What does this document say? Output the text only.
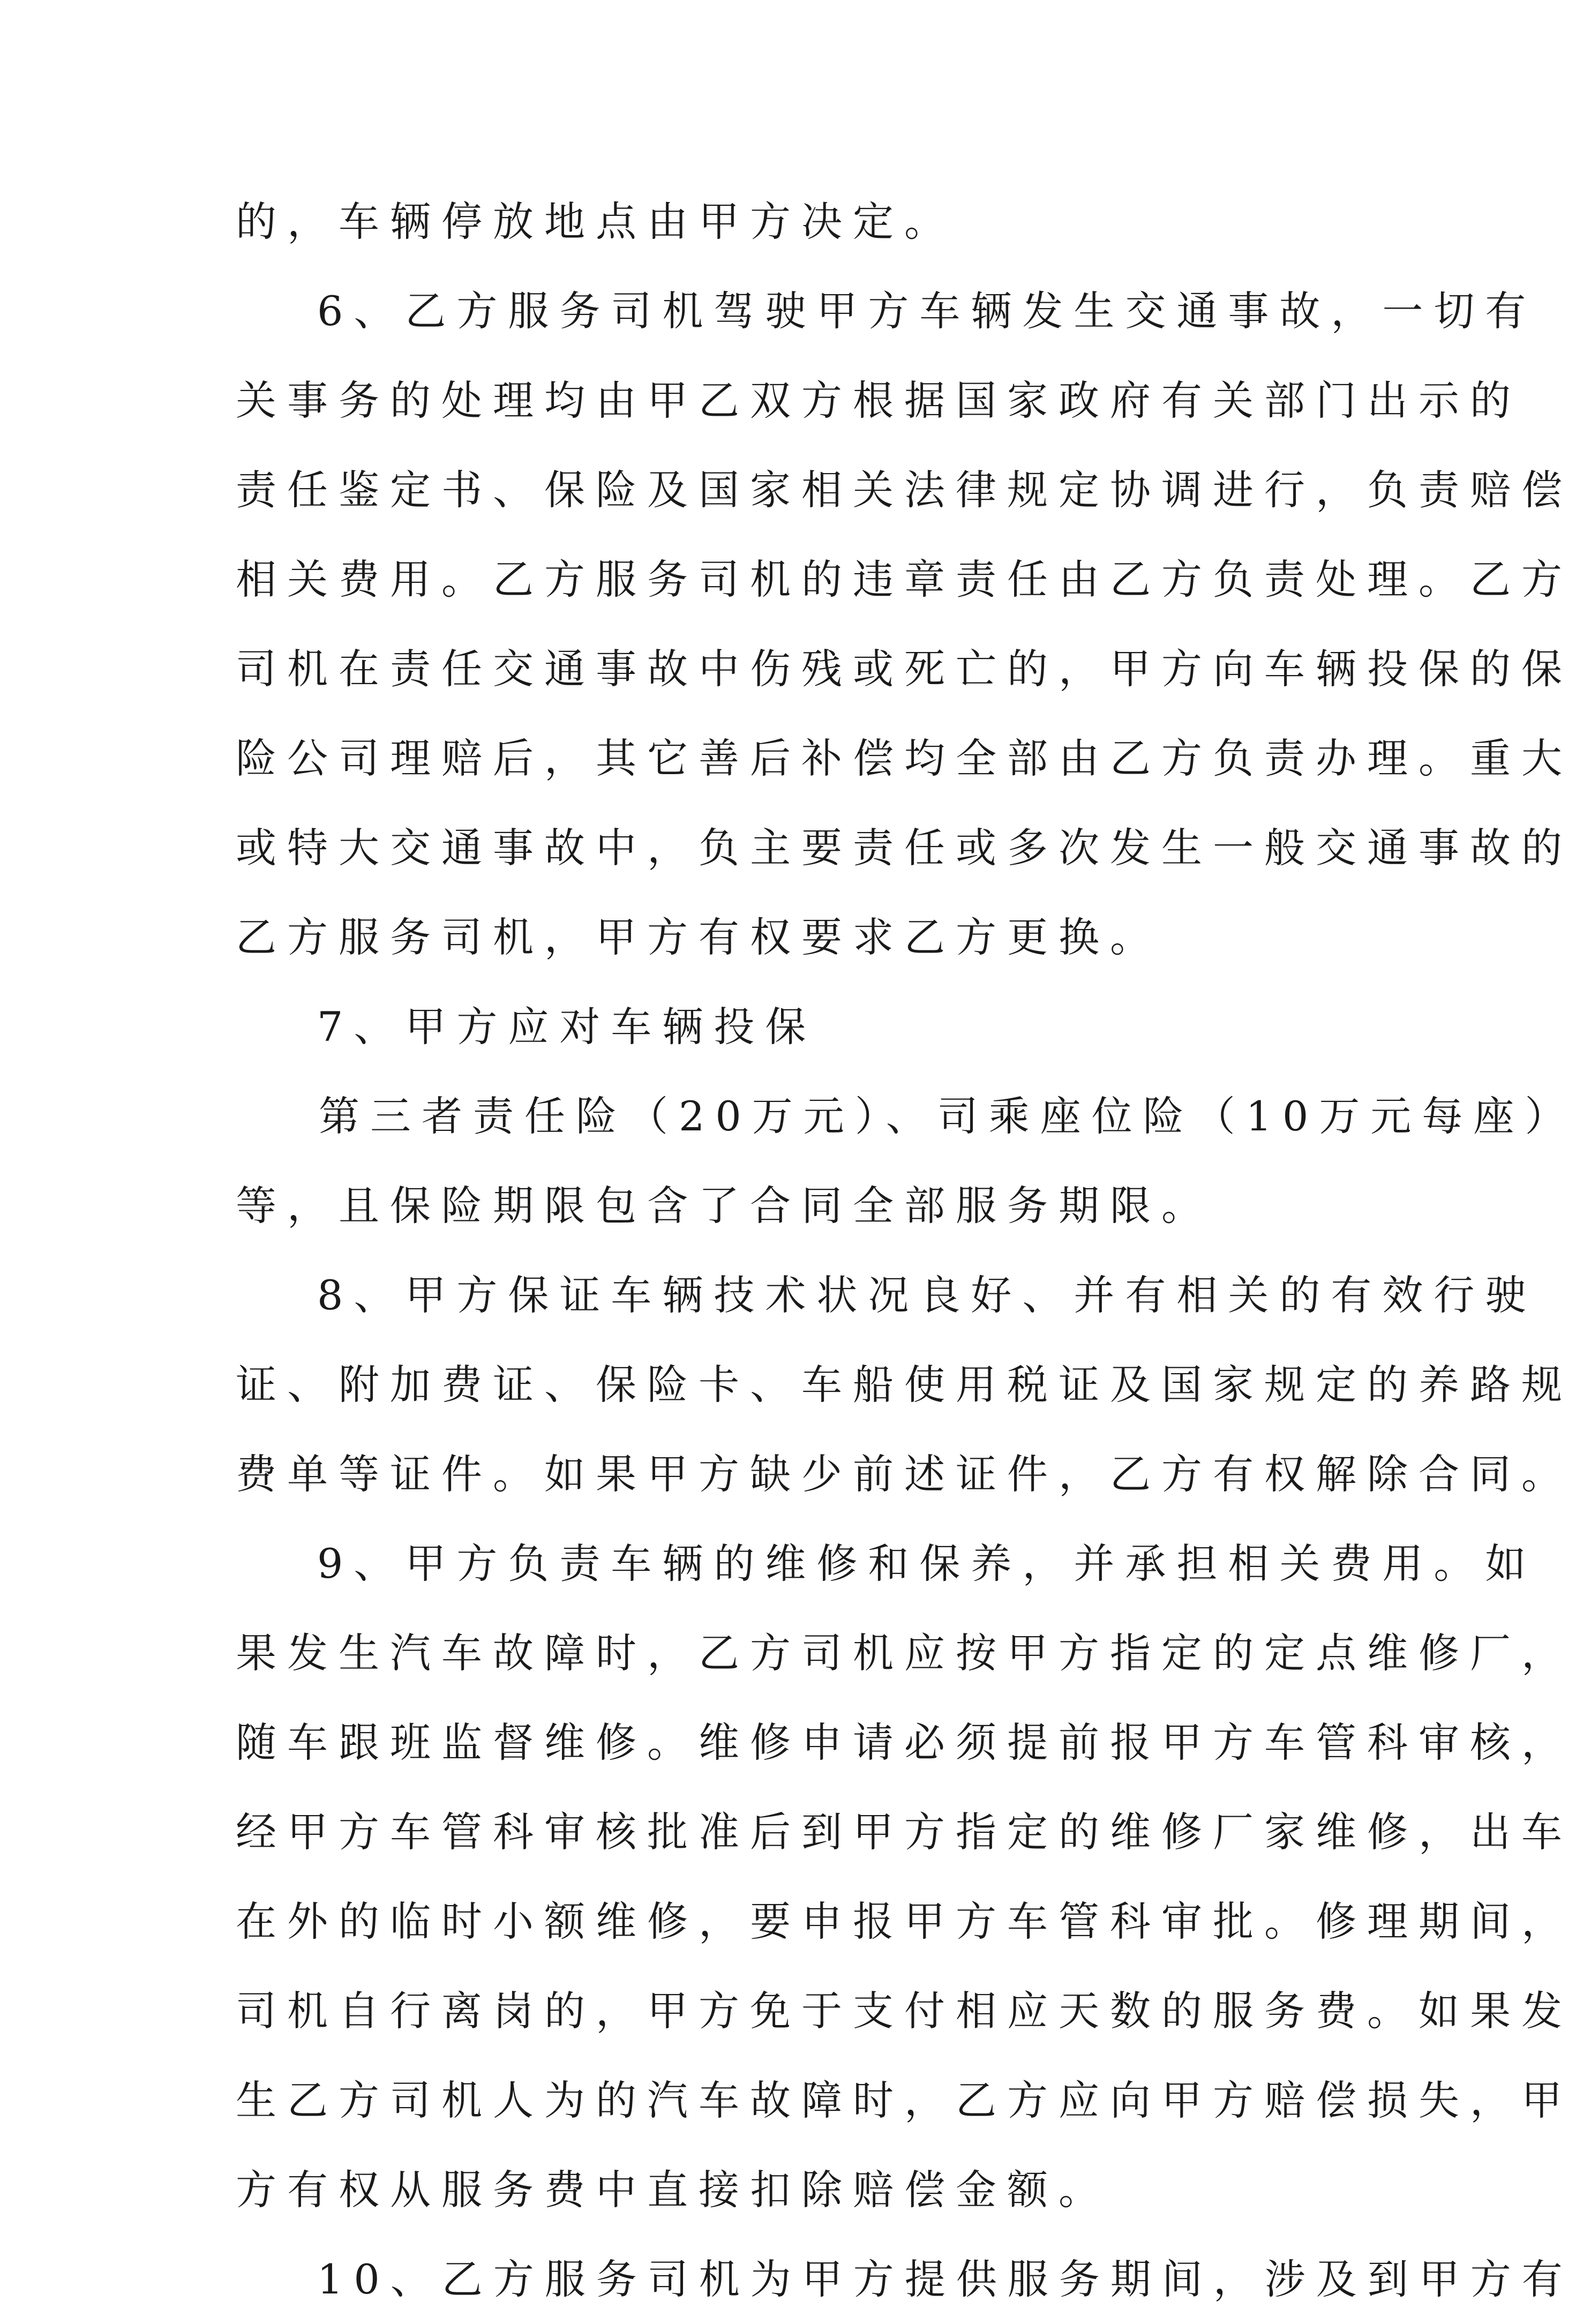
的，车辆停放地点由甲方决定。
6、乙方服务司机驾驶甲方车辆发生交通事故，一切有
关事务的处理均由甲乙双方根据国家政府有关部门出示的
责任鉴定书、保险及国家相关法律规定协调进行，负责赔偿
相关费用。乙方服务司机的违章责任由乙方负责处理。乙方
司机在责任交通事故中伤残或死亡的，甲方向车辆投保的保
险公司理赔后，其它善后补偿均全部由乙方负责办理。重大
或特大交通事故中，负主要责任或多次发生一般交通事故的
乙方服务司机，甲方有权要求乙方更换。
7、甲方应对车辆投保
第三者责任险（20万元）、司乘座位险（10万元每座）
等，且保险期限包含了合同全部服务期限。
8、甲方保证车辆技术状况良好、并有相关的有效行驶
证、附加费证、保险卡、车船使用税证及国家规定的养路规
费单等证件。如果甲方缺少前述证件，乙方有权解除合同。
9、甲方负责车辆的维修和保养，并承担相关费用。如
果发生汽车故障时，乙方司机应按甲方指定的定点维修厂，
随车跟班监督维修。维修申请必须提前报甲方车管科审核，
经甲方车管科审核批准后到甲方指定的维修厂家维修，出车
在外的临时小额维修，要申报甲方车管科审批。修理期间，
司机自行离岗的，甲方免于支付相应天数的服务费。如果发
生乙方司机人为的汽车故障时，乙方应向甲方赔偿损失，甲
方有权从服务费中直接扣除赔偿金额。
10、乙方服务司机为甲方提供服务期间，涉及到甲方有
